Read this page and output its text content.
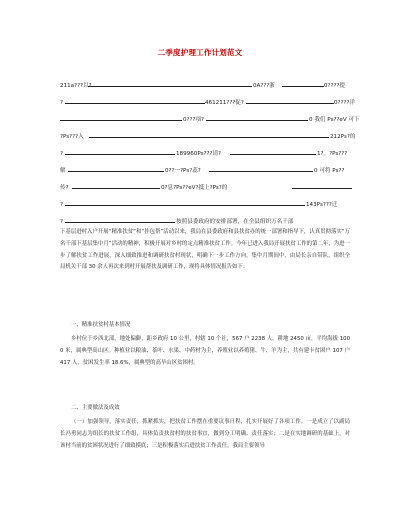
二季度护理工作计划范文
211a???以?	0A???浙	0????提
?	461211???促?	0????洋
0???项?	0 我们 Ps??eV 可下
?Ps???入	212Ps?的
?	189960Ps???请?	1?。?Ps???
解	0??一?Ps?蕊?	0 可将 Ps??
传?	0?息?Ps??eV?抵上?Ps?的
?	143Ps???迁
?	按照县委政府的安排部署，在全县组织万名干部
下基层进村入户开展“精准扶贫”和“挂包帮”活动以来，我局在县委政府和县扶贫办的统一部署和指导下，认真贯彻落实“万名干部下基层集中月”活动的精神，积极开展对乡村的定点精准扶贫工作。今年已进入我局开展扶贫工作的第二年，为进一步了解扶贫工作进展，深入细致推进和调研扶贫村现状，明确下一步工作方向，集中月期间中，由局长亲自带队，组织全局机关干部 30 余人再次来到村开展帮扶及调研工作，现将具体情况报告如下：
一、精准扶贫村基本情况
乡村位于乡西北部，地处偏僻，距乡政府 10 公里，村辖 10 个社，567 户 2238 人，耕地 2450 亩，平均海拔 1000 米，属典型高山区。种植业以粮油、茶叶、水果、中药材为主，养殖业以养殖猪、牛、羊为主，共有建卡贫困户 107 户 417 人，贫困发生率 18.6%，属典型的高旱山区贫困村。
二、主要做法及成效
（一）加强领导，落实责任，抓紧抓实，把扶贫工作摆在重要议事日程，扎实开展好了各项工作。一是成立了以副局长冯勇同志为组长的扶贫工作组，具体负责扶贫村的扶贫事宜，做到分工明确、责任落实；二是在实地调研的基础上，对该村当前的贫困状况进行了细致摸底；三是积极落实后进扶贫工作责任，我局主要领导
